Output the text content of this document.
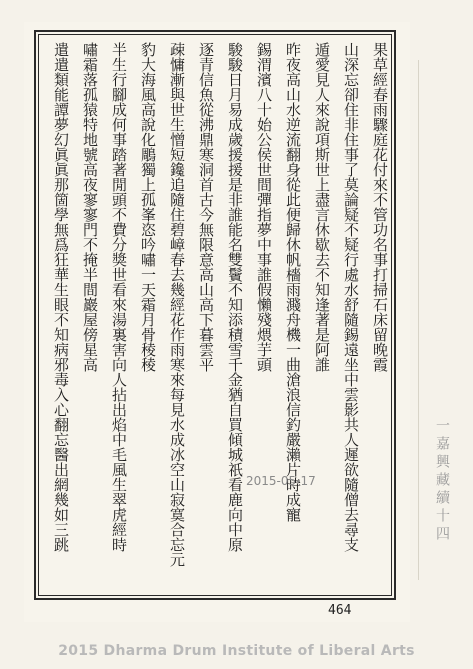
果草經春雨驟庭花付來不管功名事打掃石床留晚霞
山深忘卻住非住事了莫論疑不疑行處水舒隨錫遠坐中雲影共人遲欲隨僧去尋支
遁愛見人來說項斯世上盡言休歇去不知逢著是阿誰
昨夜高山水逆流翻身從此便歸休帆檣雨濺舟機一曲滄浪信釣嚴瀨片時成寵
錫渭濱八十始公侯世間彈指夢中事誰假懶殘煨芋頭
駿駿日月易成歲援援是非誰能名雙鬢不知添積雪千金猶自買傾城祇看鹿向中原
逐青信魚從沸鼎寒洞首古今無限意高山高下暮雲平
疎慵漸與世生憎短鑱追隨住碧嶂春去幾經花作雨寒來每見水成冰空山寂寞合忘元
豹大海風高說化鵰獨上孤峯恣吟嘯一天霜月骨稜稜
半生行腳成何事踏著閒頭不費分獎世看來湯裏害向人拈出焰中毛風生翠虎經時
嘯霜落孤猿特地號高夜寥寥門不掩半間巖屋傍星高
遣遣類能譚夢幻眞眞那箇學無爲狂華生眼不知病邪毒入心翻忘醫出網幾如三跳	一嘉興藏續十四
2015-05-17
464
2015 Dharma Drum Institute of Liberal Arts
